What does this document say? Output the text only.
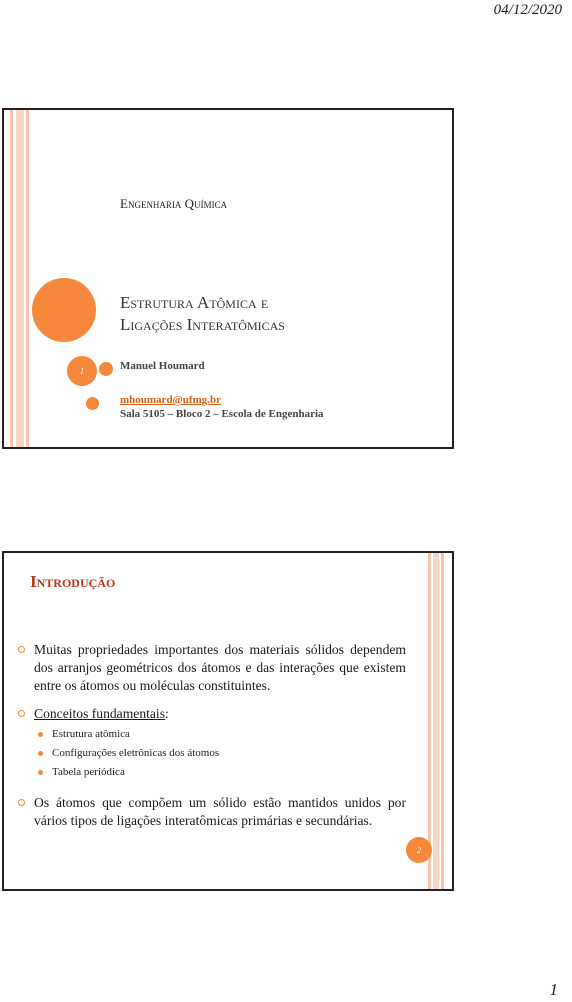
04/12/2020
1
Engenharia Química
Estrutura Atômica e
Ligações Interatômicas
Manuel Houmard
mhoumard@ufmg.br
Sala 5105 – Bloco 2 – Escola de Engenharia
Introdução
Muitas propriedades importantes dos materiais sólidos dependem dos arranjos geométricos dos átomos e das interações que existem entre os átomos ou moléculas constituintes.
Conceitos fundamentais:
Estrutura atômica
Configurações eletrônicas dos átomos
Tabela periódica
Os átomos que compõem um sólido estão mantidos unidos por vários tipos de ligações interatômicas primárias e secundárias.
2
1
